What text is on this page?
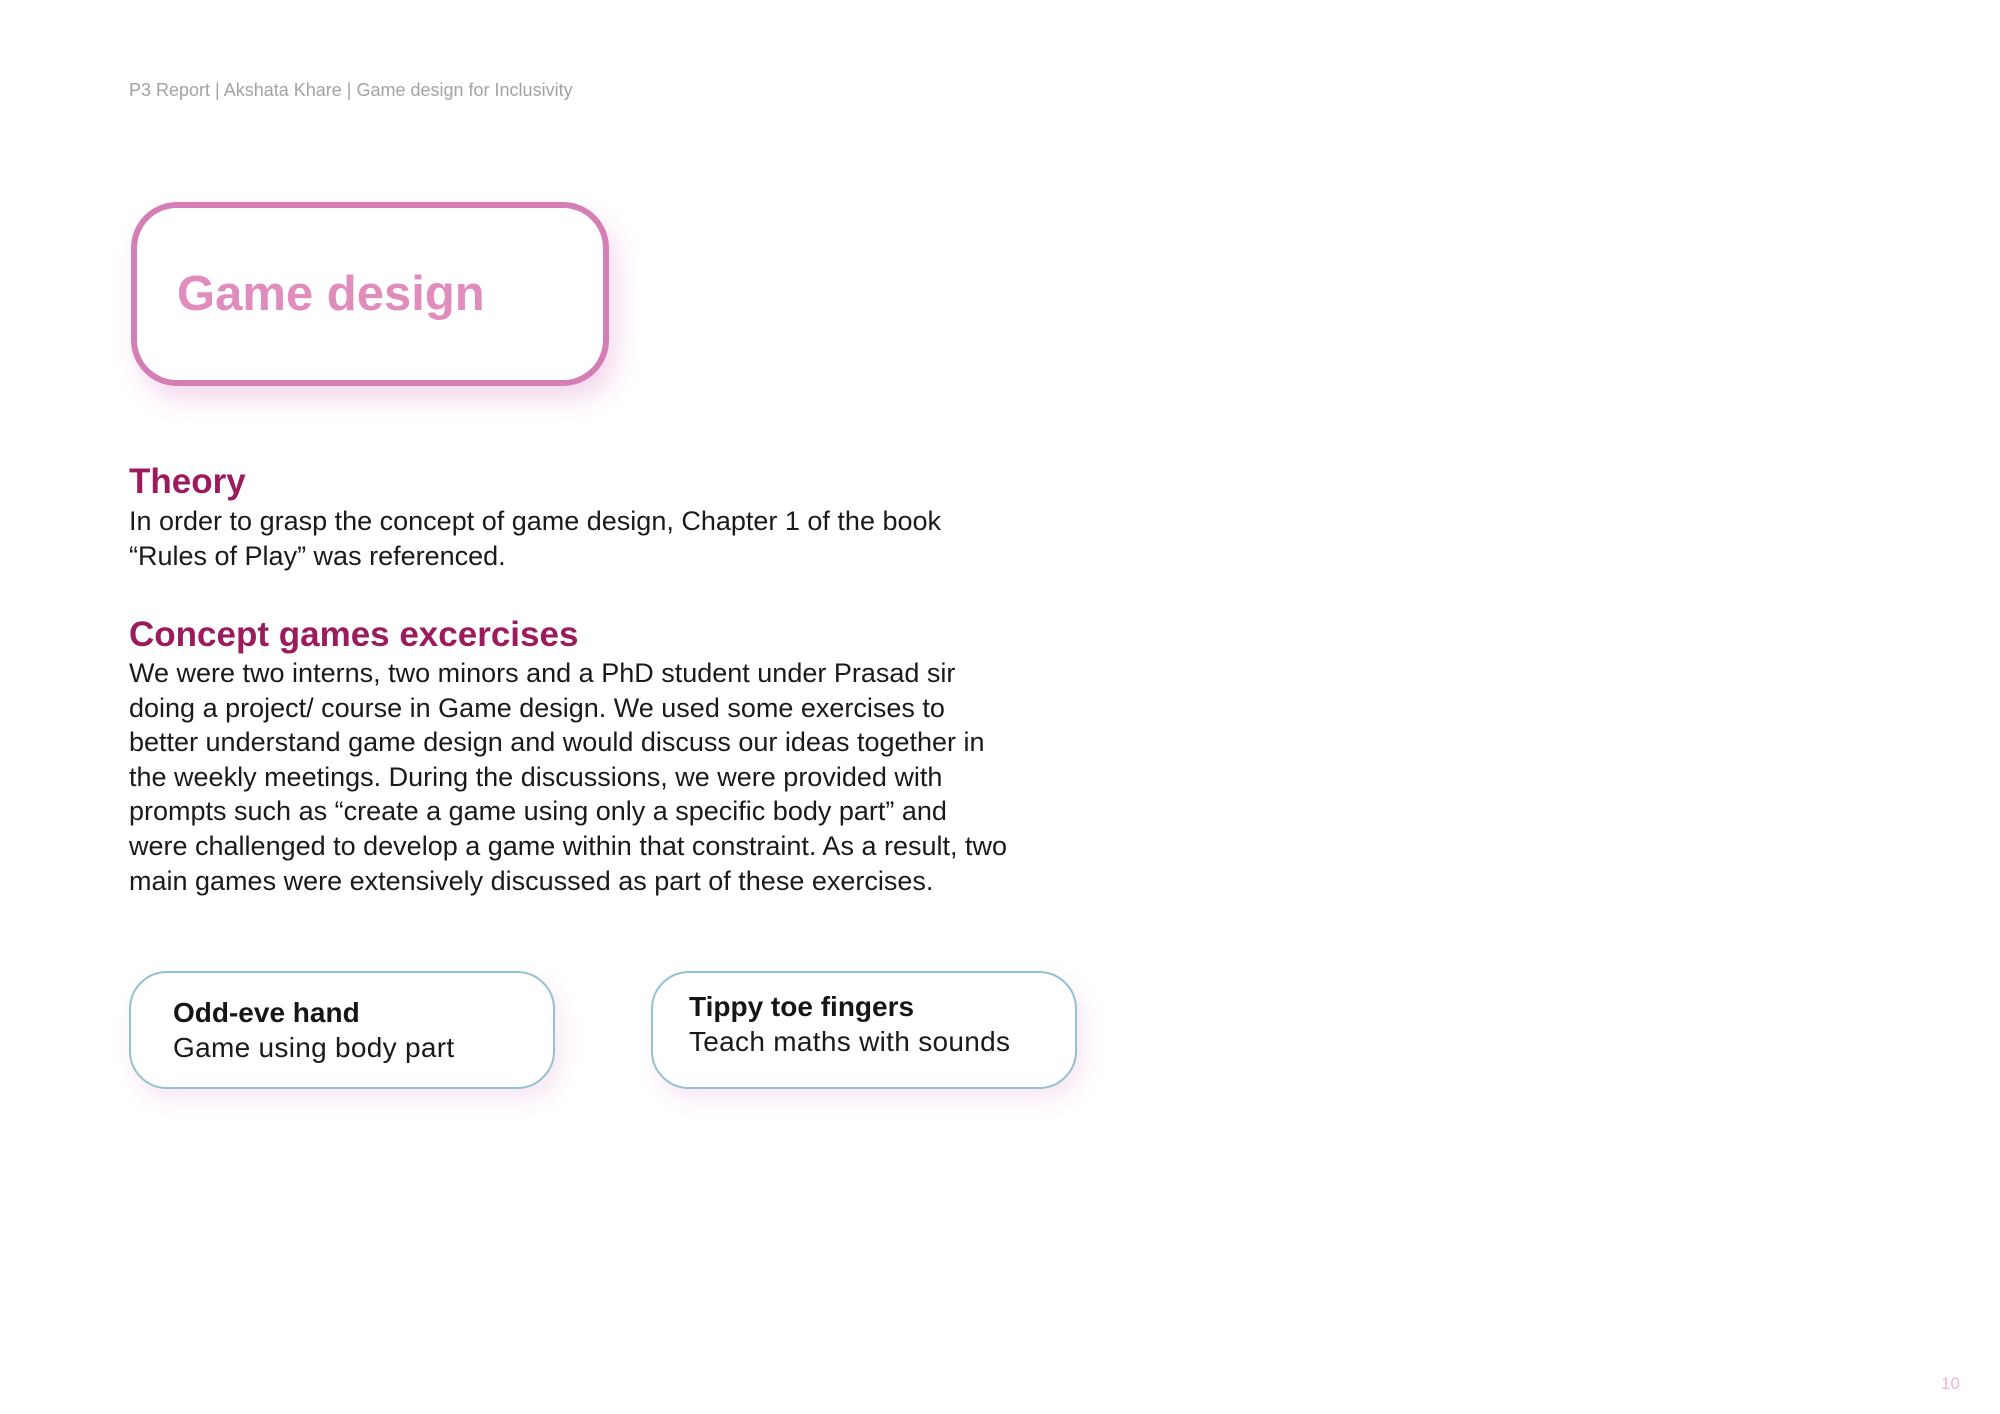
P3 Report | Akshata Khare | Game design for Inclusivity
Game design
Theory

In order to grasp the concept of game design, Chapter 1 of the book “Rules of Play” was referenced.

Concept games excercises

We were two interns, two minors and a PhD student under Prasad sir doing a project/ course in Game design. We used some exercises to better understand game design and would discuss our ideas together in the weekly meetings. During the discussions, we were provided with prompts such as “create a game using only a specific body part” and were challenged to develop a game within that constraint. As a result, two main games were extensively discussed as part of these exercises.

Odd-eve hand
Game using body part
Tippy toe fingers
Teach maths with sounds
10
